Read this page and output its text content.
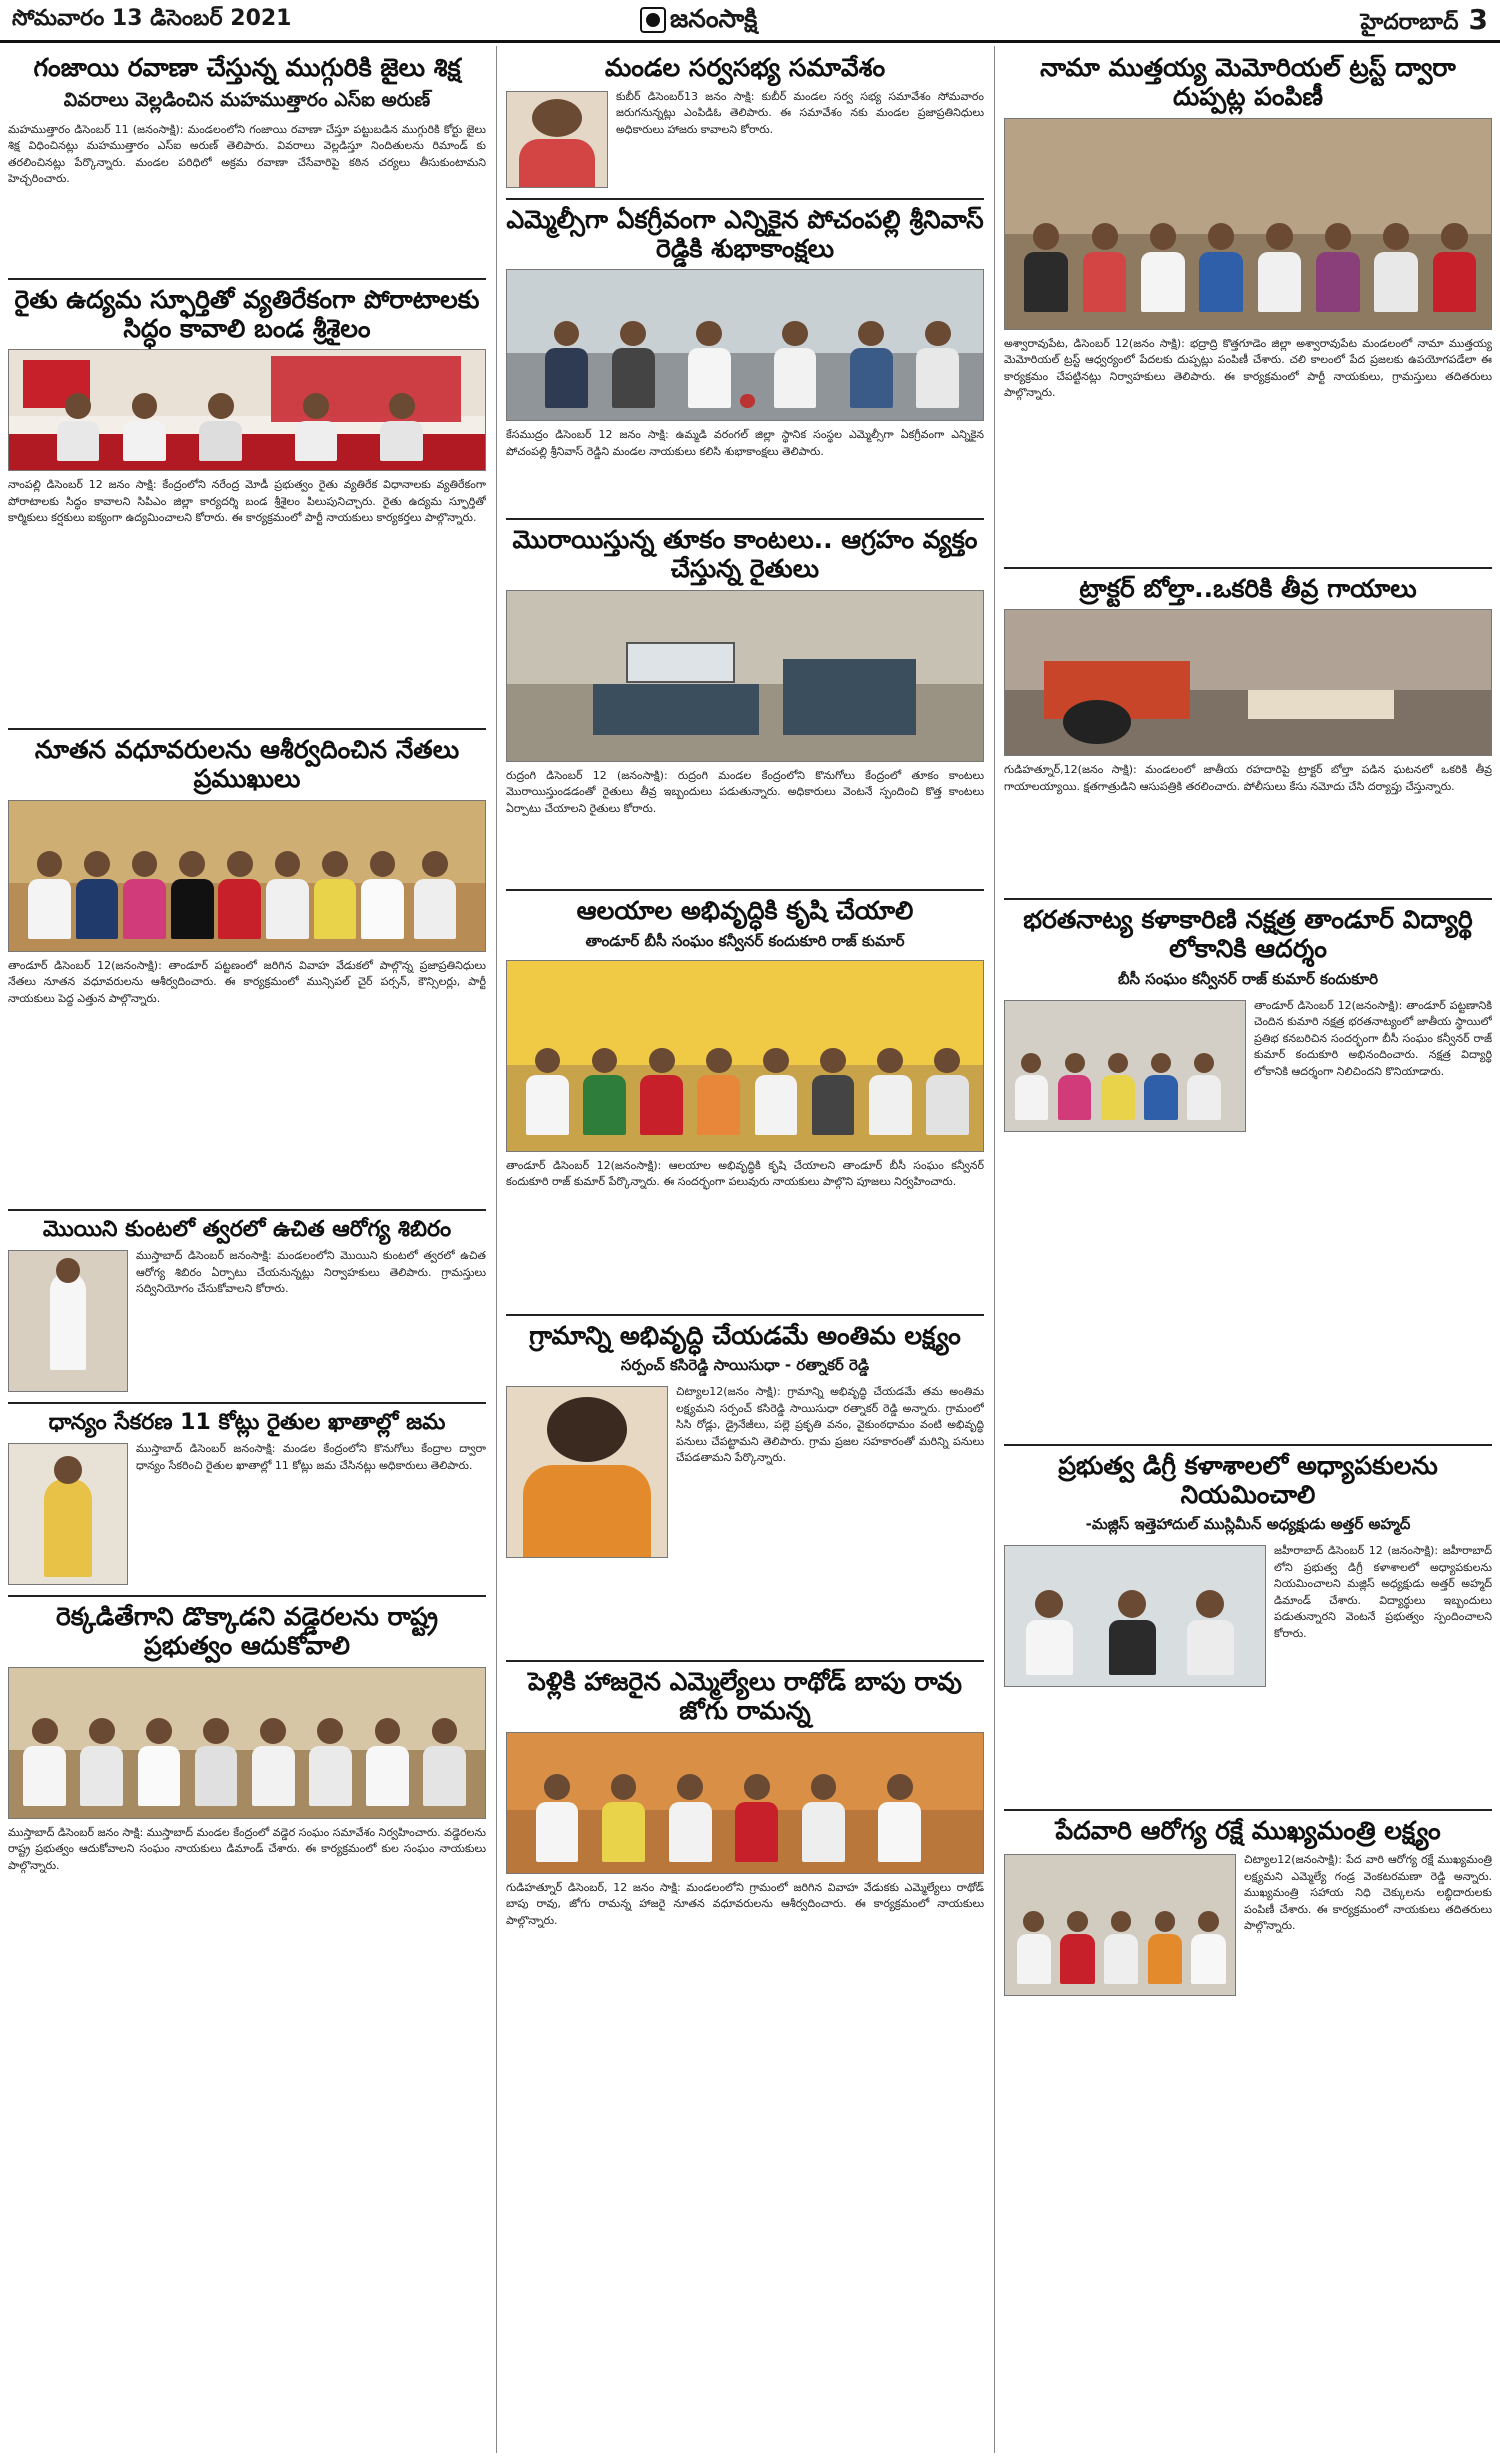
సోమవారం 13 డిసెంబర్ 2021	జనంసాక్షి	హైదరాబాద్ 3
గంజాయి రవాణా చేస్తున్న ముగ్గురికి జైలు శిక్ష
వివరాలు వెల్లడించిన మహముత్తారం ఎస్ఐ అరుణ్
మహముత్తారం డిసెంబర్ 11 (జనంసాక్షి): మండలంలోని గంజాయి రవాణా చేస్తూ పట్టుబడిన ముగ్గురికి కోర్టు జైలు శిక్ష విధించినట్లు మహముత్తారం ఎస్ఐ అరుణ్ తెలిపారు. వివరాలు వెల్లడిస్తూ నిందితులను రిమాండ్ కు తరలించినట్లు పేర్కొన్నారు. మండల పరిధిలో అక్రమ రవాణా చేసేవారిపై కఠిన చర్యలు తీసుకుంటామని హెచ్చరించారు.
రైతు ఉద్యమ స్ఫూర్తితో వ్యతిరేకంగా పోరాటాలకు సిద్ధం కావాలి బండ శ్రీశైలం
నాంపల్లి డిసెంబర్ 12 జనం సాక్షి: కేంద్రంలోని నరేంద్ర మోడీ ప్రభుత్వం రైతు వ్యతిరేక విధానాలకు వ్యతిరేకంగా పోరాటాలకు సిద్ధం కావాలని సిపిఎం జిల్లా కార్యదర్శి బండ శ్రీశైలం పిలుపునిచ్చారు. రైతు ఉద్యమ స్ఫూర్తితో కార్మికులు కర్షకులు ఐక్యంగా ఉద్యమించాలని కోరారు. ఈ కార్యక్రమంలో పార్టీ నాయకులు కార్యకర్తలు పాల్గొన్నారు.
నూతన వధూవరులను ఆశీర్వదించిన నేతలు ప్రముఖులు
తాండూర్ డిసెంబర్ 12(జనంసాక్షి): తాండూర్ పట్టణంలో జరిగిన వివాహ వేడుకలో పాల్గొన్న ప్రజాప్రతినిధులు నేతలు నూతన వధూవరులను ఆశీర్వదించారు. ఈ కార్యక్రమంలో మున్సిపల్ చైర్ పర్సన్, కౌన్సిలర్లు, పార్టీ నాయకులు పెద్ద ఎత్తున పాల్గొన్నారు.
మొయిని కుంటలో త్వరలో ఉచిత ఆరోగ్య శిబిరం
ముస్తాబాద్ డిసెంబర్ జనంసాక్షి: మండలంలోని మొయిని కుంటలో త్వరలో ఉచిత ఆరోగ్య శిబిరం ఏర్పాటు చేయనున్నట్లు నిర్వాహకులు తెలిపారు. గ్రామస్తులు సద్వినియోగం చేసుకోవాలని కోరారు.
ధాన్యం సేకరణ 11 కోట్లు రైతుల ఖాతాల్లో జమ
ముస్తాబాద్ డిసెంబర్ జనంసాక్షి: మండల కేంద్రంలోని కొనుగోలు కేంద్రాల ద్వారా ధాన్యం సేకరించి రైతుల ఖాతాల్లో 11 కోట్లు జమ చేసినట్లు అధికారులు తెలిపారు.
రెక్కడితేగాని డొక్కాడని వడ్డెరలను రాష్ట్ర ప్రభుత్వం ఆదుకోవాలి
ముస్తాబాద్ డిసెంబర్ జనం సాక్షి: ముస్తాబాద్ మండల కేంద్రంలో వడ్డెర సంఘం సమావేశం నిర్వహించారు. వడ్డెరలను రాష్ట్ర ప్రభుత్వం ఆదుకోవాలని సంఘం నాయకులు డిమాండ్ చేశారు. ఈ కార్యక్రమంలో కుల సంఘం నాయకులు పాల్గొన్నారు.
మండల సర్వసభ్య సమావేశం
కుబీర్ డిసెంబర్13 జనం సాక్షి: కుబీర్ మండల సర్వ సభ్య సమావేశం సోమవారం జరుగనున్నట్లు ఎంపిడిఓ తెలిపారు. ఈ సమావేశం నకు మండల ప్రజాప్రతినిధులు అధికారులు హాజరు కావాలని కోరారు.
ఎమ్మెల్సీగా ఏకగ్రీవంగా ఎన్నికైన పోచంపల్లి శ్రీనివాస్ రెడ్డికి శుభాకాంక్షలు
కేసముద్రం డిసెంబర్ 12 జనం సాక్షి: ఉమ్మడి వరంగల్ జిల్లా స్థానిక సంస్థల ఎమ్మెల్సీగా ఏకగ్రీవంగా ఎన్నికైన పోచంపల్లి శ్రీనివాస్ రెడ్డిని మండల నాయకులు కలిసి శుభాకాంక్షలు తెలిపారు.
మొరాయిస్తున్న తూకం కాంటలు.. ఆగ్రహం వ్యక్తం చేస్తున్న రైతులు
రుద్రంగి డిసెంబర్ 12 (జనంసాక్షి): రుద్రంగి మండల కేంద్రంలోని కొనుగోలు కేంద్రంలో తూకం కాంటలు మొరాయిస్తుండడంతో రైతులు తీవ్ర ఇబ్బందులు పడుతున్నారు. అధికారులు వెంటనే స్పందించి కొత్త కాంటలు ఏర్పాటు చేయాలని రైతులు కోరారు.
ఆలయాల అభివృద్ధికి కృషి చేయాలి
తాండూర్ బీసీ సంఘం కన్వీనర్ కందుకూరి రాజ్ కుమార్
తాండూర్ డిసెంబర్ 12(జనంసాక్షి): ఆలయాల అభివృద్ధికి కృషి చేయాలని తాండూర్ బీసీ సంఘం కన్వీనర్ కందుకూరి రాజ్ కుమార్ పేర్కొన్నారు. ఈ సందర్భంగా పలువురు నాయకులు పాల్గొని పూజలు నిర్వహించారు.
గ్రామాన్ని అభివృద్ధి చేయడమే అంతిమ లక్ష్యం
సర్పంచ్ కసిరెడ్డి సాయిసుధా - రత్నాకర్ రెడ్డి
చిట్యాల12(జనం సాక్షి): గ్రామాన్ని అభివృద్ధి చేయడమే తమ అంతిమ లక్ష్యమని సర్పంచ్ కసిరెడ్డి సాయిసుధా రత్నాకర్ రెడ్డి అన్నారు. గ్రామంలో సిసి రోడ్లు, డ్రైనేజీలు, పల్లె ప్రకృతి వనం, వైకుంఠధామం వంటి అభివృద్ధి పనులు చేపట్టామని తెలిపారు. గ్రామ ప్రజల సహకారంతో మరిన్ని పనులు చేపడతామని పేర్కొన్నారు.
పెళ్లికి హాజరైన ఎమ్మెల్యేలు రాథోడ్ బాపు రావు జోగు రామన్న
గుడిహత్నూర్ డిసెంబర్, 12 జనం సాక్షి: మండలంలోని గ్రామంలో జరిగిన వివాహ వేడుకకు ఎమ్మెల్యేలు రాథోడ్ బాపు రావు, జోగు రామన్న హాజరై నూతన వధూవరులను ఆశీర్వదించారు. ఈ కార్యక్రమంలో నాయకులు పాల్గొన్నారు.
నామా ముత్తయ్య మెమోరియల్ ట్రస్ట్ ద్వారా దుప్పట్ల పంపిణీ
అశ్వారావుపేట, డిసెంబర్ 12(జనం సాక్షి): భద్రాద్రి కొత్తగూడెం జిల్లా అశ్వారావుపేట మండలంలో నామా ముత్తయ్య మెమోరియల్ ట్రస్ట్ ఆధ్వర్యంలో పేదలకు దుప్పట్లు పంపిణీ చేశారు. చలి కాలంలో పేద ప్రజలకు ఉపయోగపడేలా ఈ కార్యక్రమం చేపట్టినట్లు నిర్వాహకులు తెలిపారు. ఈ కార్యక్రమంలో పార్టీ నాయకులు, గ్రామస్తులు తదితరులు పాల్గొన్నారు.
ట్రాక్టర్ బోల్తా..ఒకరికి తీవ్ర గాయాలు
గుడిహత్నూర్,12(జనం సాక్షి): మండలంలో జాతీయ రహదారిపై ట్రాక్టర్ బోల్తా పడిన ఘటనలో ఒకరికి తీవ్ర గాయాలయ్యాయి. క్షతగాత్రుడిని ఆసుపత్రికి తరలించారు. పోలీసులు కేసు నమోదు చేసి దర్యాప్తు చేస్తున్నారు.
భరతనాట్య కళాకారిణి నక్షత్ర తాండూర్ విద్యార్థి లోకానికి ఆదర్శం
బీసీ సంఘం కన్వీనర్ రాజ్ కుమార్ కందుకూరి
తాండూర్ డిసెంబర్ 12(జనంసాక్షి): తాండూర్ పట్టణానికి చెందిన కుమారి నక్షత్ర భరతనాట్యంలో జాతీయ స్థాయిలో ప్రతిభ కనబరిచిన సందర్భంగా బీసీ సంఘం కన్వీనర్ రాజ్ కుమార్ కందుకూరి అభినందించారు. నక్షత్ర విద్యార్థి లోకానికి ఆదర్శంగా నిలిచిందని కొనియాడారు.
ప్రభుత్వ డిగ్రీ కళాశాలలో అధ్యాపకులను నియమించాలి
-మజ్లిస్ ఇత్తెహాదుల్ ముస్లిమీన్ అధ్యక్షుడు అత్తర్ అహ్మద్
జహీరాబాద్ డిసెంబర్ 12 (జనంసాక్షి): జహీరాబాద్ లోని ప్రభుత్వ డిగ్రీ కళాశాలలో అధ్యాపకులను నియమించాలని మజ్లిస్ అధ్యక్షుడు అత్తర్ అహ్మద్ డిమాండ్ చేశారు. విద్యార్థులు ఇబ్బందులు పడుతున్నారని వెంటనే ప్రభుత్వం స్పందించాలని కోరారు.
పేదవారి ఆరోగ్య రక్షే ముఖ్యమంత్రి లక్ష్యం
చిట్యాల12(జనంసాక్షి): పేద వారి ఆరోగ్య రక్షే ముఖ్యమంత్రి లక్ష్యమని ఎమ్మెల్యే గండ్ర వెంకటరమణా రెడ్డి అన్నారు. ముఖ్యమంత్రి సహాయ నిధి చెక్కులను లబ్ధిదారులకు పంపిణీ చేశారు. ఈ కార్యక్రమంలో నాయకులు తదితరులు పాల్గొన్నారు.
